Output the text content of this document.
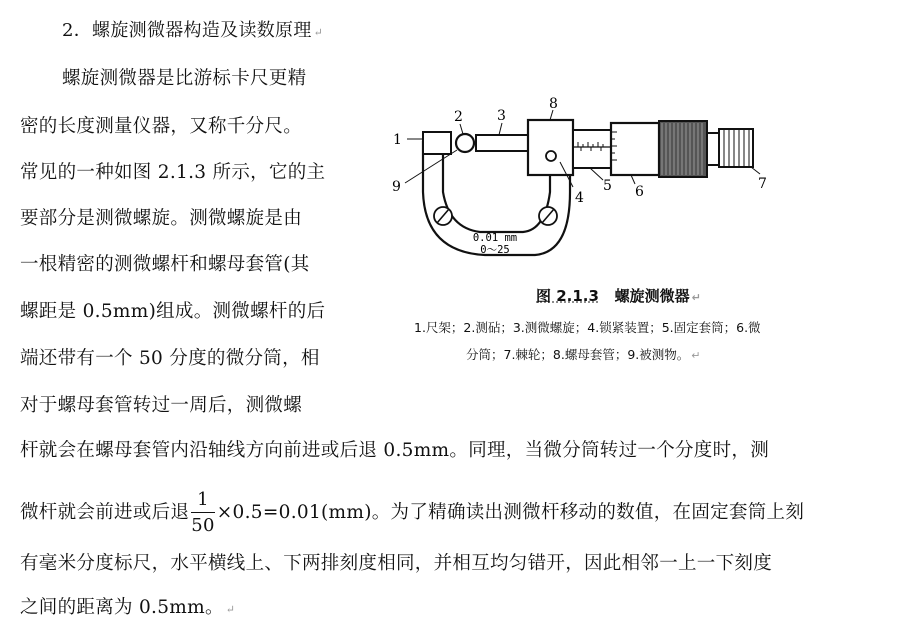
2．螺旋测微器构造及读数原理 ↵
螺旋测微器是比游标卡尺更精
密的长度测量仪器，又称千分尺。
常见的一种如图 2.1.3 所示，它的主
要部分是测微螺旋。测微螺旋是由
一根精密的测微螺杆和螺母套管(其
螺距是 0.5mm)组成。测微螺杆的后
端还带有一个 50 分度的微分筒，相
对于螺母套管转过一周后，测微螺
杆就会在螺母套管内沿轴线方向前进或后退 0.5mm。同理，当微分筒转过一个分度时，测
微杆就会前进或后退 $\frac{1}{50} \times 0.5=0.01(mm)$。为了精确读出测微杆移动的数值，在固定套筒上刻
有毫米分度标尺，水平横线上、下两排刻度相同，并相互均匀错开，因此相邻一上一下刻度
之间的距离为 0.5mm。 ↵
0.01 mm
0～25
1
2 3
8
9
4
5 6	7
图 2.1.3 螺旋测微器 ↵
1.尺架；2.测砧；3.测微螺旋；4.锁紧装置；5.固定套筒；6.微
分筒；7.棘轮；8.螺母套管；9.被测物。 ↵
